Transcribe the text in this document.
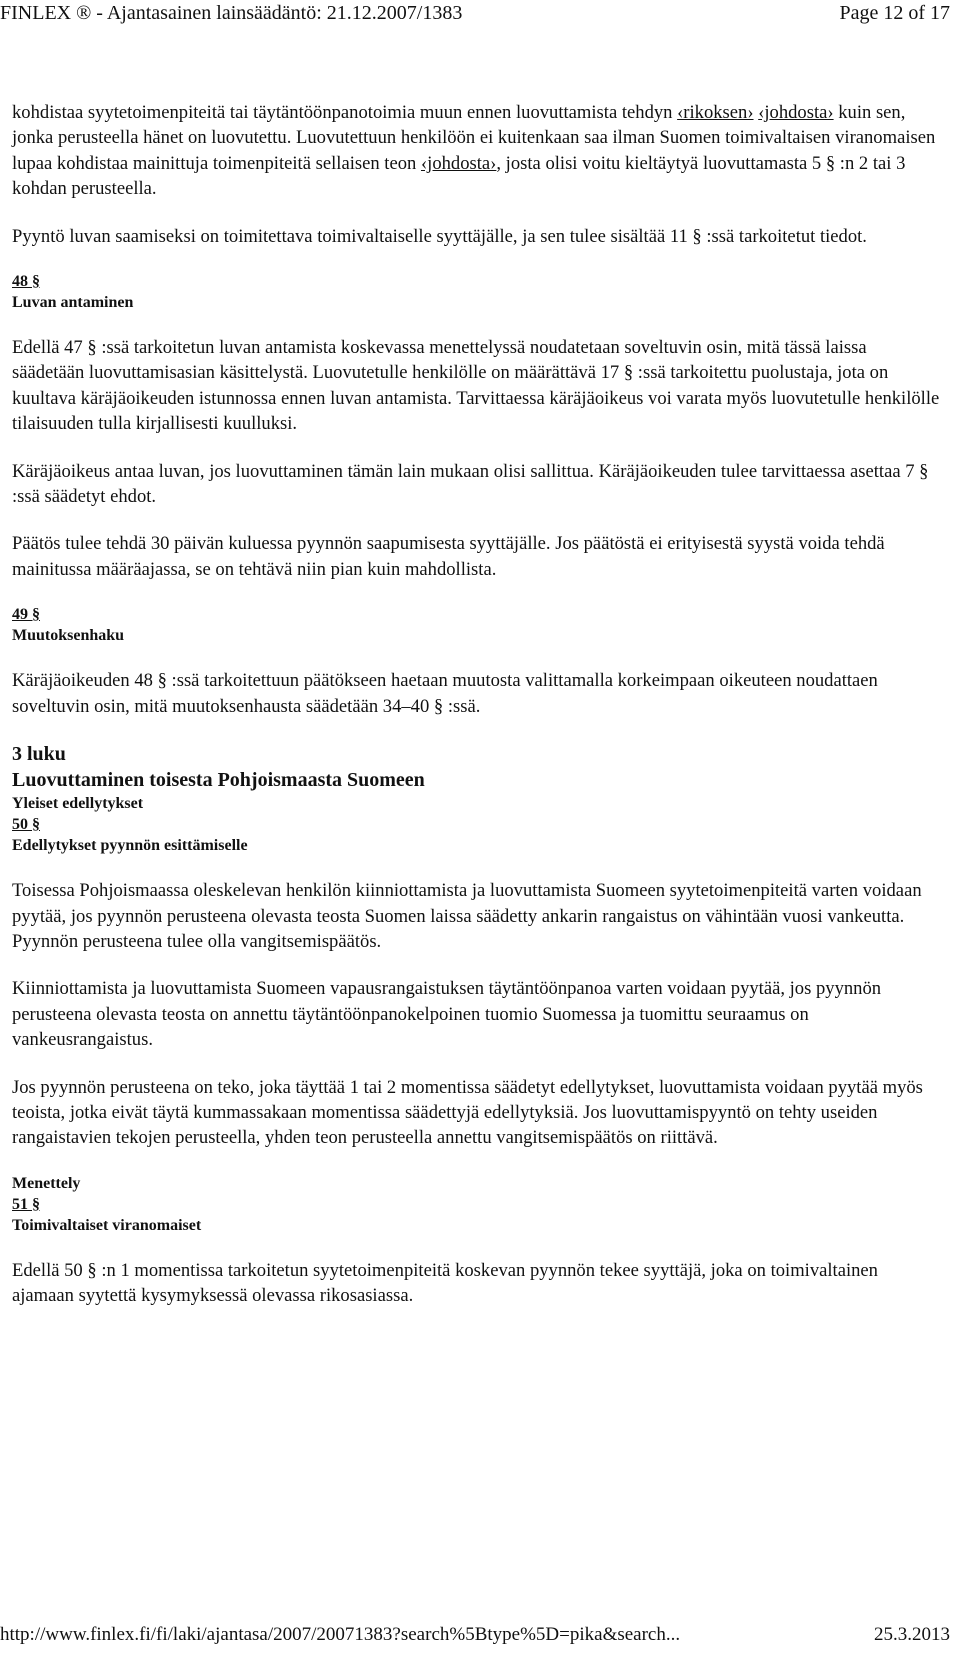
FINLEX ® - Ajantasainen lainsäädäntö: 21.12.2007/1383	Page 12 of 17

kohdistaa syytetoimenpiteitä tai täytäntöönpanotoimia muun ennen luovuttamista tehdyn ‹rikoksen› ‹johdosta› kuin sen, jonka perusteella hänet on luovutettu. Luovutettuun henkilöön ei kuitenkaan saa ilman Suomen toimivaltaisen viranomaisen lupaa kohdistaa mainittuja toimenpiteitä sellaisen teon ‹johdosta›, josta olisi voitu kieltäytyä luovuttamasta 5 § :n 2 tai 3 kohdan perusteella.

Pyyntö luvan saamiseksi on toimitettava toimivaltaiselle syyttäjälle, ja sen tulee sisältää 11 § :ssä tarkoitetut tiedot.

48 §
Luvan antaminen

Edellä 47 § :ssä tarkoitetun luvan antamista koskevassa menettelyssä noudatetaan soveltuvin osin, mitä tässä laissa säädetään luovuttamisasian käsittelystä. Luovutetulle henkilölle on määrättävä 17 § :ssä tarkoitettu puolustaja, jota on kuultava käräjäoikeuden istunnossa ennen luvan antamista. Tarvittaessa käräjäoikeus voi varata myös luovutetulle henkilölle tilaisuuden tulla kirjallisesti kuulluksi.

Käräjäoikeus antaa luvan, jos luovuttaminen tämän lain mukaan olisi sallittua. Käräjäoikeuden tulee tarvittaessa asettaa 7 § :ssä säädetyt ehdot.

Päätös tulee tehdä 30 päivän kuluessa pyynnön saapumisesta syyttäjälle. Jos päätöstä ei erityisestä syystä voida tehdä mainitussa määräajassa, se on tehtävä niin pian kuin mahdollista.

49 §
Muutoksenhaku

Käräjäoikeuden 48 § :ssä tarkoitettuun päätökseen haetaan muutosta valittamalla korkeimpaan oikeuteen noudattaen soveltuvin osin, mitä muutoksenhausta säädetään 34–40 § :ssä.

3 luku
Luovuttaminen toisesta Pohjoismaasta Suomeen
Yleiset edellytykset
50 §
Edellytykset pyynnön esittämiselle

Toisessa Pohjoismaassa oleskelevan henkilön kiinniottamista ja luovuttamista Suomeen syytetoimenpiteitä varten voidaan pyytää, jos pyynnön perusteena olevasta teosta Suomen laissa säädetty ankarin rangaistus on vähintään vuosi vankeutta. Pyynnön perusteena tulee olla vangitsemispäätös.

Kiinniottamista ja luovuttamista Suomeen vapausrangaistuksen täytäntöönpanoa varten voidaan pyytää, jos pyynnön perusteena olevasta teosta on annettu täytäntöönpanokelpoinen tuomio Suomessa ja tuomittu seuraamus on vankeusrangaistus.

Jos pyynnön perusteena on teko, joka täyttää 1 tai 2 momentissa säädetyt edellytykset, luovuttamista voidaan pyytää myös teoista, jotka eivät täytä kummassakaan momentissa säädettyjä edellytyksiä. Jos luovuttamispyyntö on tehty useiden rangaistavien tekojen perusteella, yhden teon perusteella annettu vangitsemispäätös on riittävä.

Menettely
51 §
Toimivaltaiset viranomaiset

Edellä 50 § :n 1 momentissa tarkoitetun syytetoimenpiteitä koskevan pyynnön tekee syyttäjä, joka on toimivaltainen ajamaan syytettä kysymyksessä olevassa rikosasiassa.

http://www.finlex.fi/fi/laki/ajantasa/2007/20071383?search%5Btype%5D=pika&search...	25.3.2013
